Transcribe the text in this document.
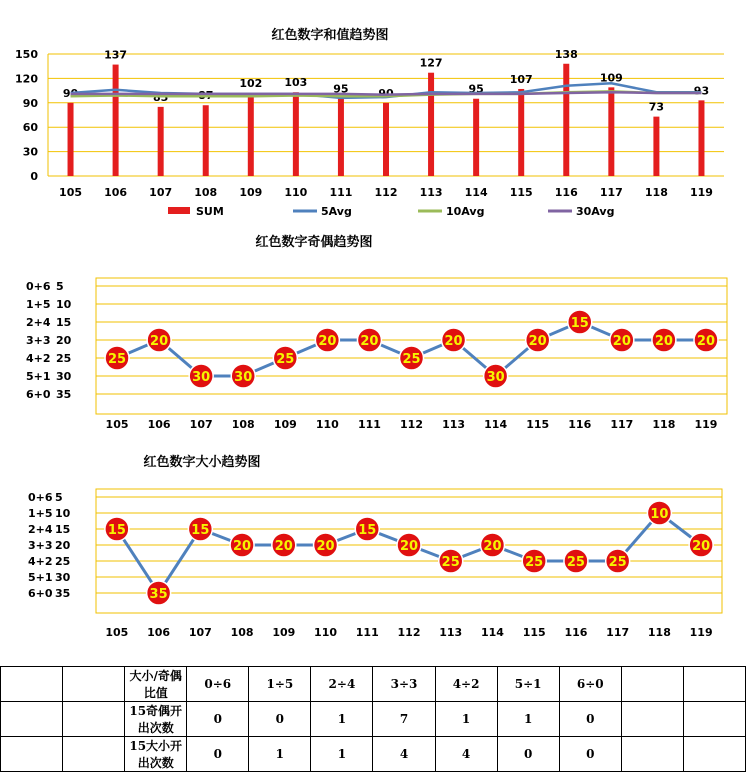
红色数字和值趋势图
0
30
60
90
120
150
90
137
85	87
102 103
95	90
127
95
107
138
109
73
93
105 106 107 108 109 110 111 112 113 114 115 116 117 118 119
SUM	5Avg	10Avg	30Avg
红色数字奇偶趋势图
0+6 5
1+5 10
2+4 15
3+3 20
4+2 25
5+1 30
6+0 35
25
20
30 30
25
20 20
25
20
30
20
15
20 20 20
105 106 107 108 109 110 111 112 113 114 115 116 117 118 119
红色数字大小趋势图
0+6 5
1+5 10
2+4 15
3+3 20
4+2 25
5+1 30
6+0 35
15
35
15
20 20 20
15
20
25
20
25 25 25
10
20
105 106 107 108 109 110 111 112 113 114 115 116 117 118 119
		大小/奇偶比值	0÷6	1÷5	2÷4	3÷3	4÷2	5÷1	6÷0		
		15奇偶开出次数	0	0	1	7	1	1	0		
		15大小开出次数	0	1	1	4	4	0	0		
